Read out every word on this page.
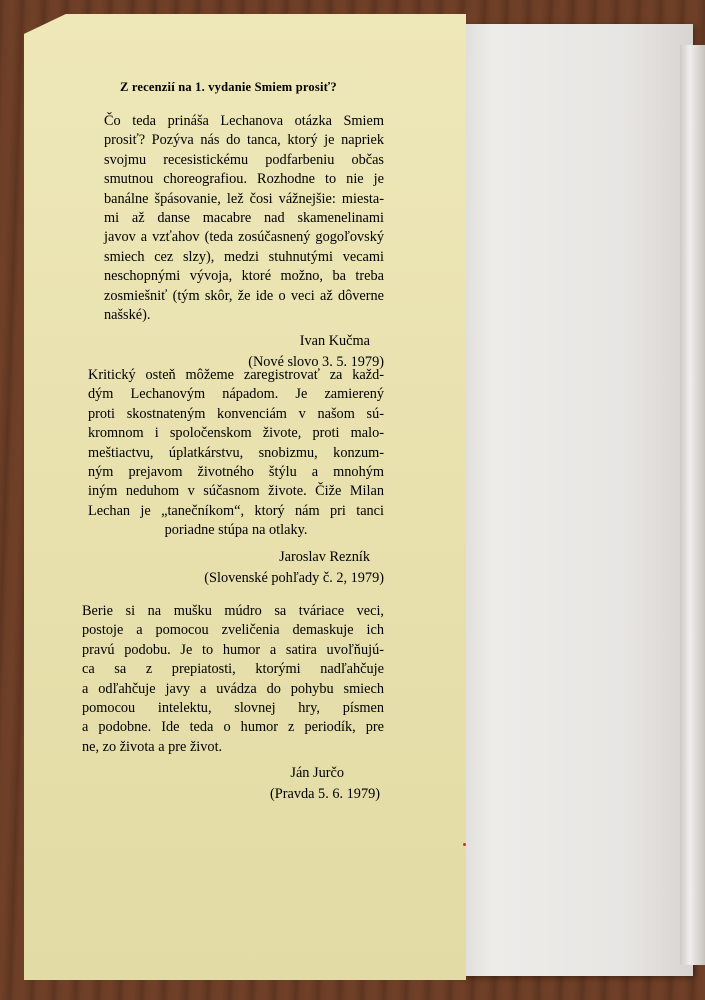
Z recenzií na 1. vydanie Smiem prosiť?

Čo teda prináša Lechanova otázka Smiem
prosiť? Pozýva nás do tanca, ktorý je napriek
svojmu recesistickému podfarbeniu občas
smutnou choreografiou. Rozhodne to nie je
banálne špásovanie, lež čosi vážnejšie: miesta-
mi až danse macabre nad skamenelinami
javov a vzťahov (teda zosúčasnený gogoľovský
smiech cez slzy), medzi stuhnutými vecami
neschopnými vývoja, ktoré možno, ba treba
zosmiešniť (tým skôr, že ide o veci až dôverne
našské).

Ivan Kučma
(Nové slovo 3. 5. 1979)

Kritický osteň môžeme zaregistrovať za každ-
dým Lechanovým nápadom. Je zamierený
proti skostnateným konvenciám v našom sú-
kromnom i spoločenskom živote, proti malo-
meštiactvu, úplatkárstvu, snobizmu, konzum-
ným prejavom životného štýlu a mnohým
iným neduhom v súčasnom živote. Čiže Milan
Lechan je „tanečníkom“, ktorý nám pri tanci
poriadne stúpa na otlaky.

Jaroslav Rezník
(Slovenské pohľady č. 2, 1979)

Berie si na mušku múdro sa tváriace veci,
postoje a pomocou zveličenia demaskuje ich
pravú podobu. Je to humor a satira uvoľňujú-
ca sa z prepiatosti, ktorými nadľahčuje
a odľahčuje javy a uvádza do pohybu smiech
pomocou intelektu, slovnej hry, písmen
a podobne. Ide teda o humor z periodík, pre
ne, zo života a pre život.

Ján Jurčo
(Pravda 5. 6. 1979)
